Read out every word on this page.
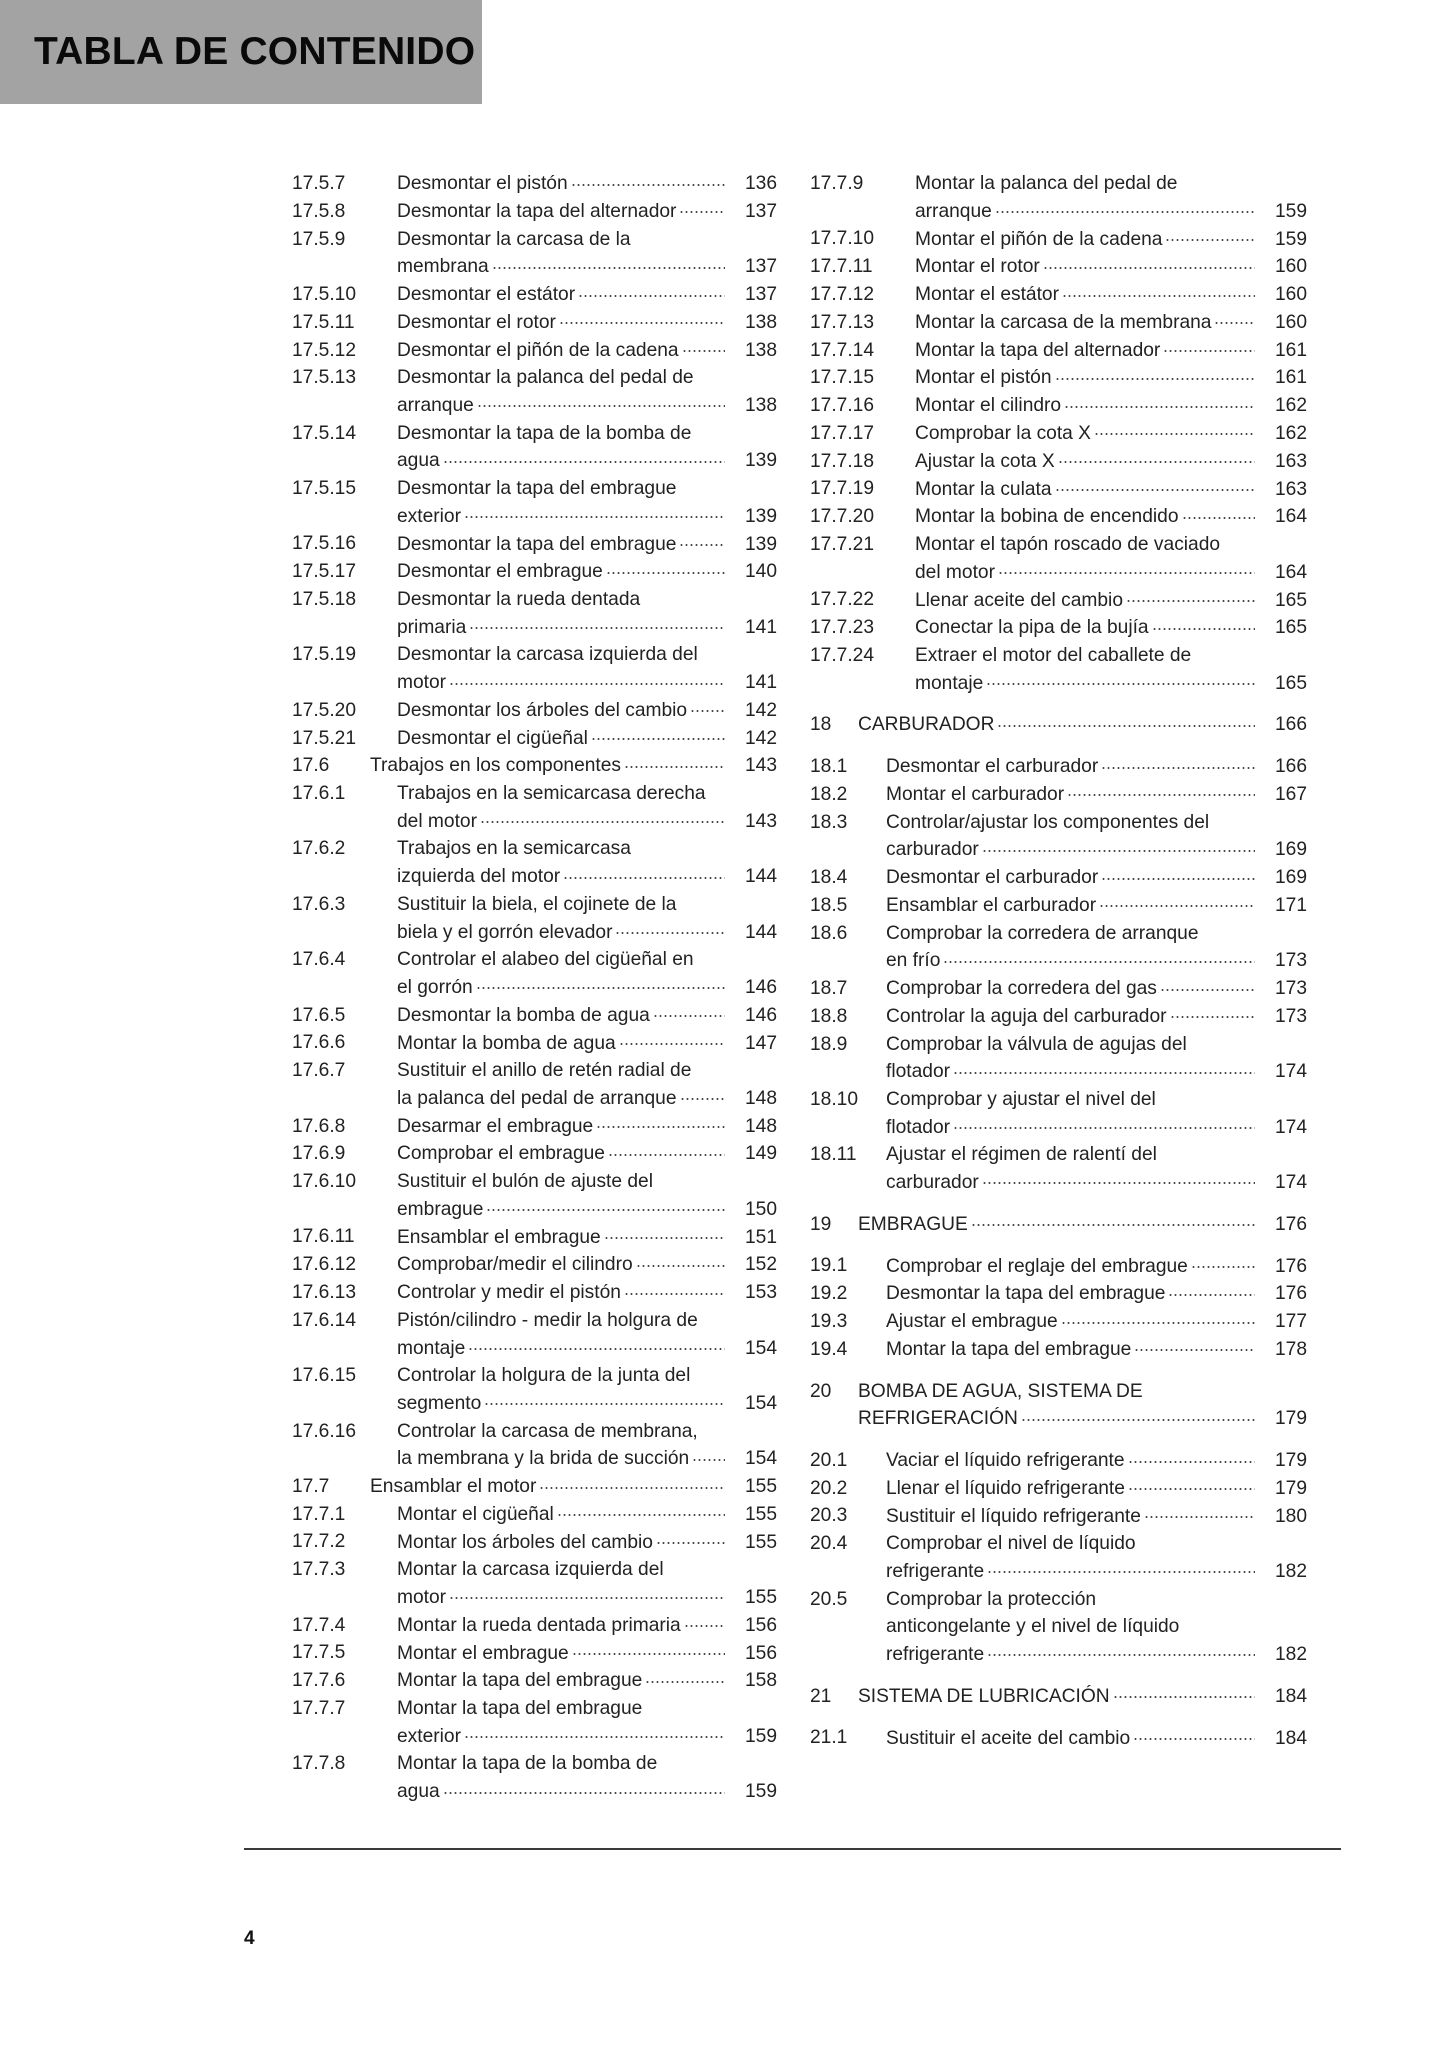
TABLA DE CONTENIDO
17.5.7	Desmontar el pistón	136
17.5.8	Desmontar la tapa del alternador	137
17.5.9	Desmontar la carcasa de la
membrana	137
17.5.10 Desmontar el estátor	137
17.5.11 Desmontar el rotor	138
17.5.12 Desmontar el piñón de la cadena	138
17.5.13 Desmontar la palanca del pedal de
arranque	138
17.5.14 Desmontar la tapa de la bomba de
agua	139
17.5.15 Desmontar la tapa del embrague
exterior	139
17.5.16 Desmontar la tapa del embrague	139
17.5.17 Desmontar el embrague	140
17.5.18 Desmontar la rueda dentada
primaria	141
17.5.19 Desmontar la carcasa izquierda del
motor	141
17.5.20 Desmontar los árboles del cambio	142
17.5.21 Desmontar el cigüeñal	142
17.6 Trabajos en los componentes	143
17.6.1	Trabajos en la semicarcasa derecha
del motor	143
17.6.2	Trabajos en la semicarcasa
izquierda del motor	144
17.6.3	Sustituir la biela, el cojinete de la
biela y el gorrón elevador	144
17.6.4	Controlar el alabeo del cigüeñal en
el gorrón	146
17.6.5	Desmontar la bomba de agua	146
17.6.6	Montar la bomba de agua	147
17.6.7	Sustituir el anillo de retén radial de
la palanca del pedal de arranque	148
17.6.8	Desarmar el embrague	148
17.6.9	Comprobar el embrague	149
17.6.10 Sustituir el bulón de ajuste del
embrague	150
17.6.11 Ensamblar el embrague	151
17.6.12 Comprobar/medir el cilindro	152
17.6.13 Controlar y medir el pistón	153
17.6.14 Pistón/cilindro - medir la holgura de
montaje	154
17.6.15 Controlar la holgura de la junta del
segmento	154
17.6.16 Controlar la carcasa de membrana,
la membrana y la brida de succión	154
17.7 Ensamblar el motor	155
17.7.1	Montar el cigüeñal	155
17.7.2	Montar los árboles del cambio	155
17.7.3	Montar la carcasa izquierda del
motor	155
17.7.4	Montar la rueda dentada primaria	156
17.7.5	Montar el embrague	156
17.7.6	Montar la tapa del embrague	158
17.7.7	Montar la tapa del embrague
exterior	159
17.7.8	Montar la tapa de la bomba de
agua	159
17.7.9	Montar la palanca del pedal de
arranque	159
17.7.10 Montar el piñón de la cadena	159
17.7.11 Montar el rotor	160
17.7.12 Montar el estátor	160
17.7.13 Montar la carcasa de la membrana	160
17.7.14 Montar la tapa del alternador	161
17.7.15 Montar el pistón	161
17.7.16 Montar el cilindro	162
17.7.17 Comprobar la cota X	162
17.7.18 Ajustar la cota X	163
17.7.19 Montar la culata	163
17.7.20 Montar la bobina de encendido	164
17.7.21 Montar el tapón roscado de vaciado
del motor	164
17.7.22 Llenar aceite del cambio	165
17.7.23 Conectar la pipa de la bujía	165
17.7.24 Extraer el motor del caballete de
montaje	165
18 CARBURADOR	166
18.1 Desmontar el carburador	166
18.2 Montar el carburador	167
18.3 Controlar/ajustar los componentes del
carburador	169
18.4 Desmontar el carburador	169
18.5 Ensamblar el carburador	171
18.6 Comprobar la corredera de arranque
en frío	173
18.7 Comprobar la corredera del gas	173
18.8 Controlar la aguja del carburador	173
18.9 Comprobar la válvula de agujas del
flotador	174
18.10 Comprobar y ajustar el nivel del
flotador	174
18.11 Ajustar el régimen de ralentí del
carburador	174
19 EMBRAGUE	176
19.1 Comprobar el reglaje del embrague	176
19.2 Desmontar la tapa del embrague	176
19.3 Ajustar el embrague	177
19.4 Montar la tapa del embrague	178
20 BOMBA DE AGUA, SISTEMA DE
REFRIGERACIÓN	179
20.1 Vaciar el líquido refrigerante	179
20.2 Llenar el líquido refrigerante	179
20.3 Sustituir el líquido refrigerante	180
20.4 Comprobar el nivel de líquido
refrigerante	182
20.5 Comprobar la protección
anticongelante y el nivel de líquido
refrigerante	182
21 SISTEMA DE LUBRICACIÓN	184
21.1 Sustituir el aceite del cambio	184
4
